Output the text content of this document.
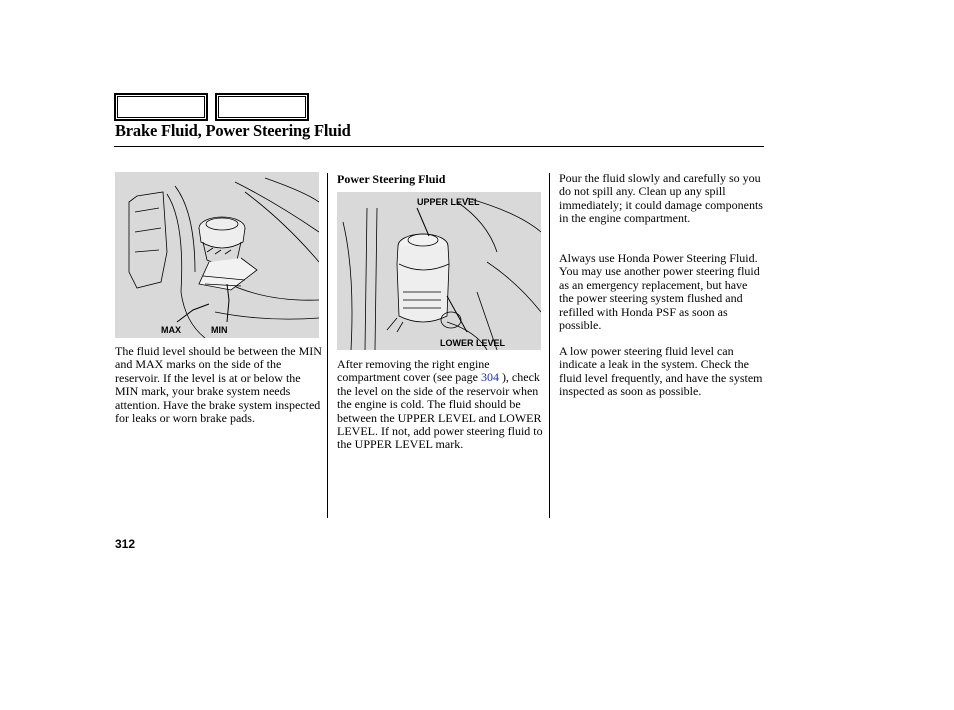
Brake Fluid, Power Steering Fluid
MAX	MIN

The fluid level should be between the MIN and MAX marks on the side of the reservoir. If the level is at or below the MIN mark, your brake system needs attention. Have the brake system inspected for leaks or worn brake pads.

Power Steering Fluid
UPPER LEVEL
LOWER LEVEL

After removing the right engine compartment cover (see page 304 ), check the level on the side of the reservoir when the engine is cold. The fluid should be between the UPPER LEVEL and LOWER LEVEL. If not, add power steering fluid to the UPPER LEVEL mark.

Pour the fluid slowly and carefully so you do not spill any. Clean up any spill immediately; it could damage components in the engine compartment.

Always use Honda Power Steering Fluid. You may use another power steering fluid as an emergency replacement, but have the power steering system flushed and refilled with Honda PSF as soon as possible.

A low power steering fluid level can indicate a leak in the system. Check the fluid level frequently, and have the system inspected as soon as possible.

312
